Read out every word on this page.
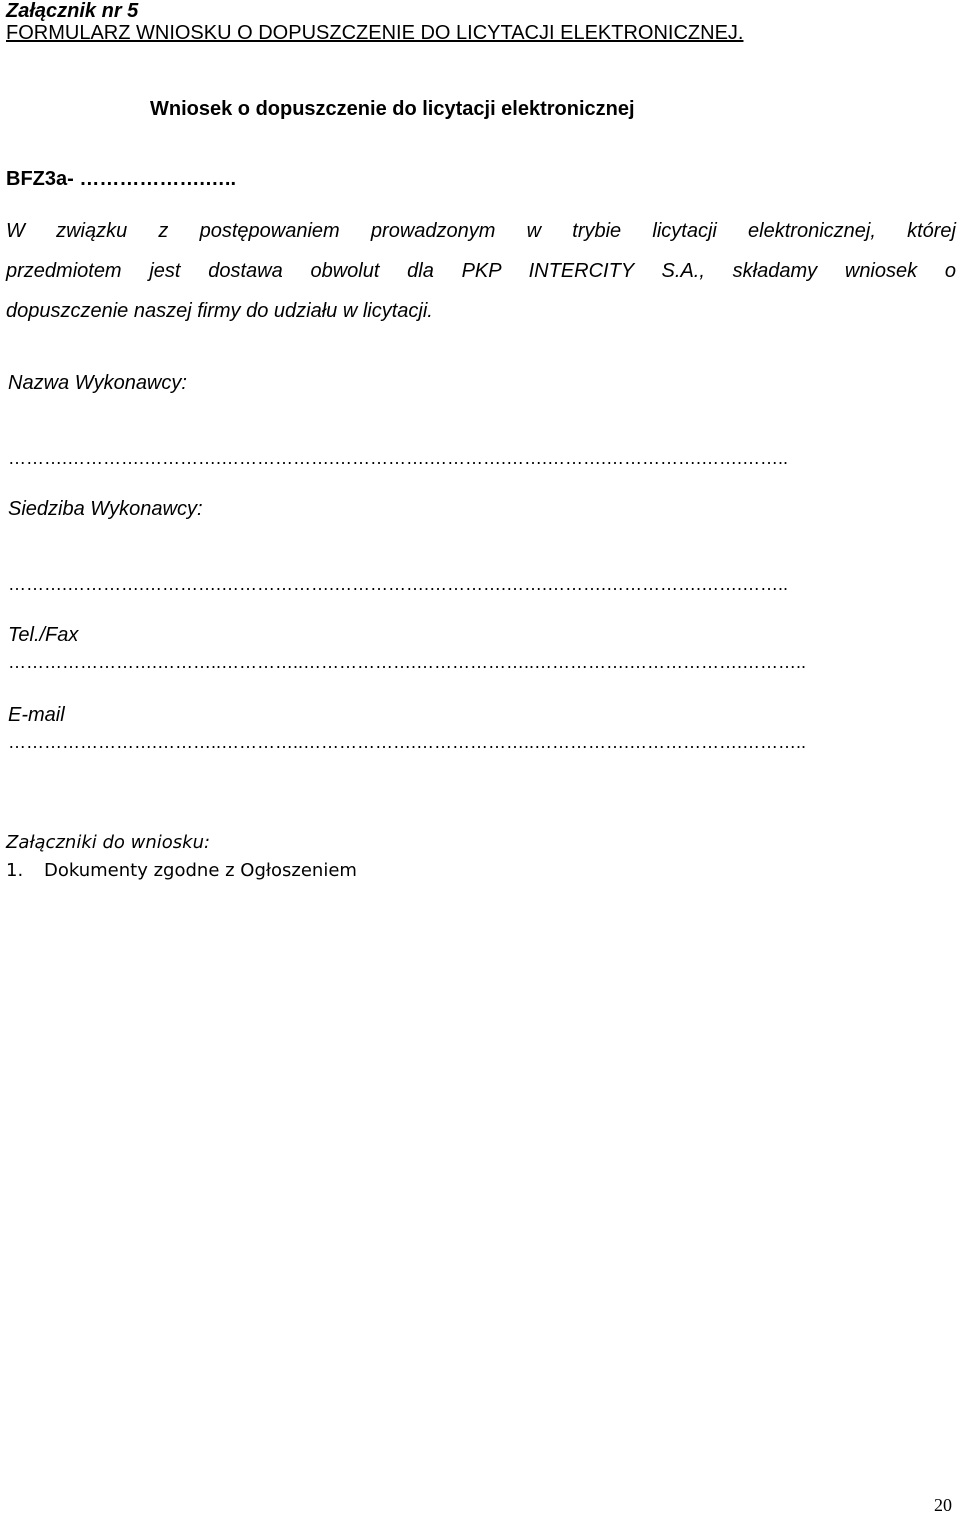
Załącznik nr 5
FORMULARZ WNIOSKU O DOPUSZCZENIE DO LICYTACJI ELEKTRONICZNEJ.
Wniosek o dopuszczenie do licytacji elektronicznej
BFZ3a- ……………….…..
W związku z postępowaniem prowadzonym w trybie licytacji elektronicznej, której
przedmiotem jest dostawa obwolut dla PKP INTERCITY S.A., składamy wniosek o
dopuszczenie naszej firmy do udziału w licytacji.
Nazwa Wykonawcy:
……….………….………….……………….…………….………….…….……….…………….…….……..
Siedziba Wykonawcy:
……….………….………….……………….…………….………….…….……….…………….…….……..
Tel./Fax
…………………….………..…………..……………….………………..…………….……………….………..
E-mail
…………………….………..…………..……………….………………..…………….……………….………..
Załączniki do wniosku:
1. Dokumenty zgodne z Ogłoszeniem
20
